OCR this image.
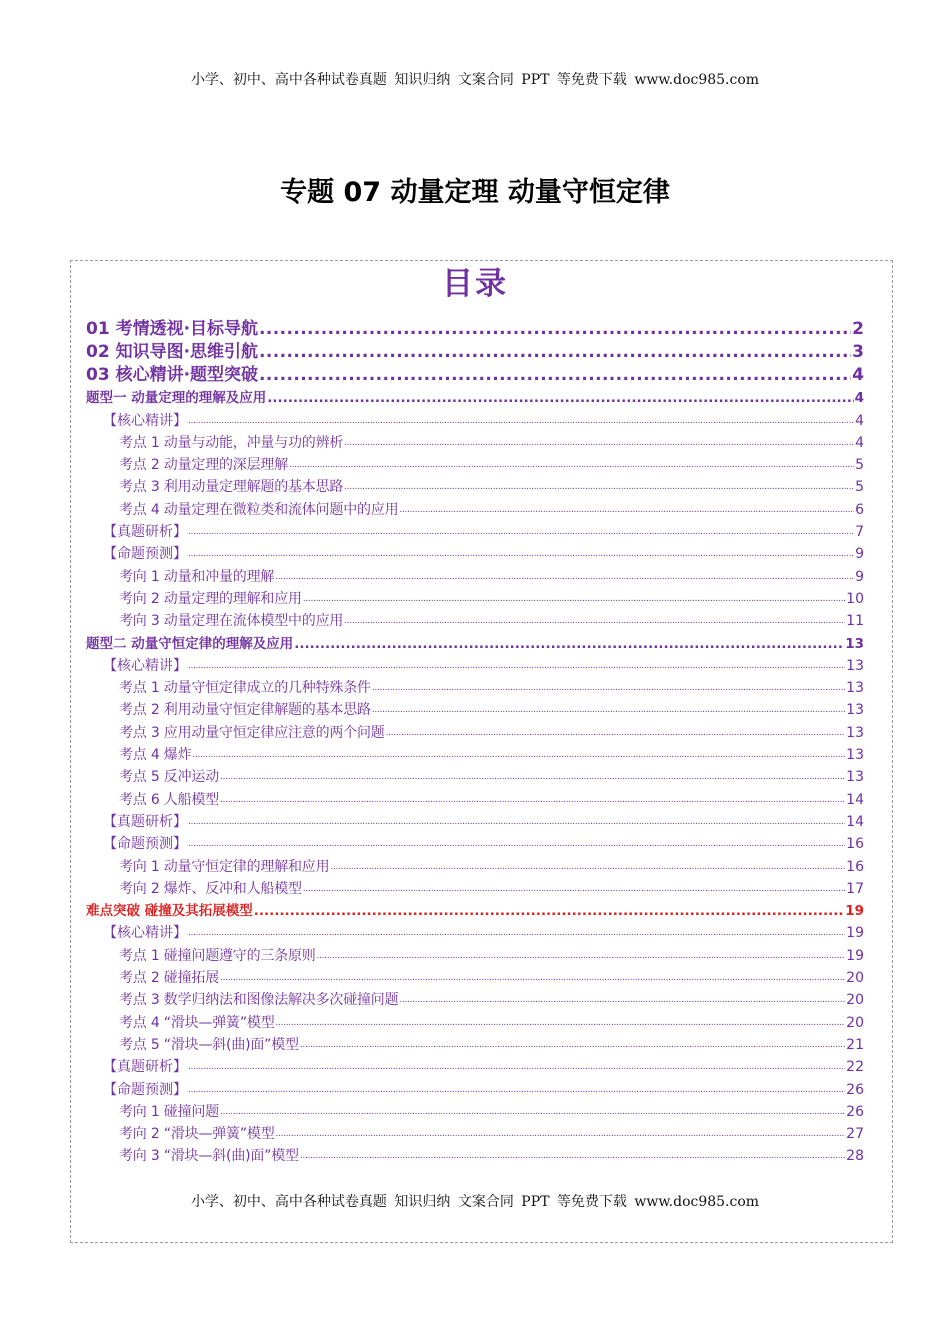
小学、初中、高中各种试卷真题 知识归纳 文案合同 PPT 等免费下载 www.doc985.com
专题 07 动量定理 动量守恒定律
目录
01 考情透视·目标导航 .....	2
02 知识导图·思维引航 .....	3
03 核心精讲·题型突破 .....	4
题型一 动量定理的理解及应用 .....	4
【核心精讲】 .....	4
考点 1 动量与动能，冲量与功的辨析 .....	4
考点 2 动量定理的深层理解 .....	5
考点 3 利用动量定理解题的基本思路 .....	5
考点 4 动量定理在微粒类和流体问题中的应用 .....	6
【真题研析】 .....	7
【命题预测】 .....	9
考向 1 动量和冲量的理解 .....	9
考向 2 动量定理的理解和应用 .....	10
考向 3 动量定理在流体模型中的应用 .....	11
题型二 动量守恒定律的理解及应用 .....	13
【核心精讲】 .....	13
考点 1 动量守恒定律成立的几种特殊条件 .....	13
考点 2 利用动量守恒定律解题的基本思路 .....	13
考点 3 应用动量守恒定律应注意的两个问题 .....	13
考点 4 爆炸 .....	13
考点 5 反冲运动 .....	13
考点 6 人船模型 .....	14
【真题研析】 .....	14
【命题预测】 .....	16
考向 1 动量守恒定律的理解和应用 .....	16
考向 2 爆炸、反冲和人船模型 .....	17
难点突破 碰撞及其拓展模型 .....	19
【核心精讲】 .....	19
考点 1 碰撞问题遵守的三条原则 .....	19
考点 2 碰撞拓展 .....	20
考点 3 数学归纳法和图像法解决多次碰撞问题 .....	20
考点 4 “滑块—弹簧”模型 .....	20
考点 5 “滑块—斜(曲)面”模型 .....	21
【真题研析】 .....	22
【命题预测】 .....	26
考向 1 碰撞问题 .....	26
考向 2 “滑块—弹簧”模型 .....	27
考向 3 “滑块—斜(曲)面”模型 .....	28
小学、初中、高中各种试卷真题 知识归纳 文案合同 PPT 等免费下载 www.doc985.com
